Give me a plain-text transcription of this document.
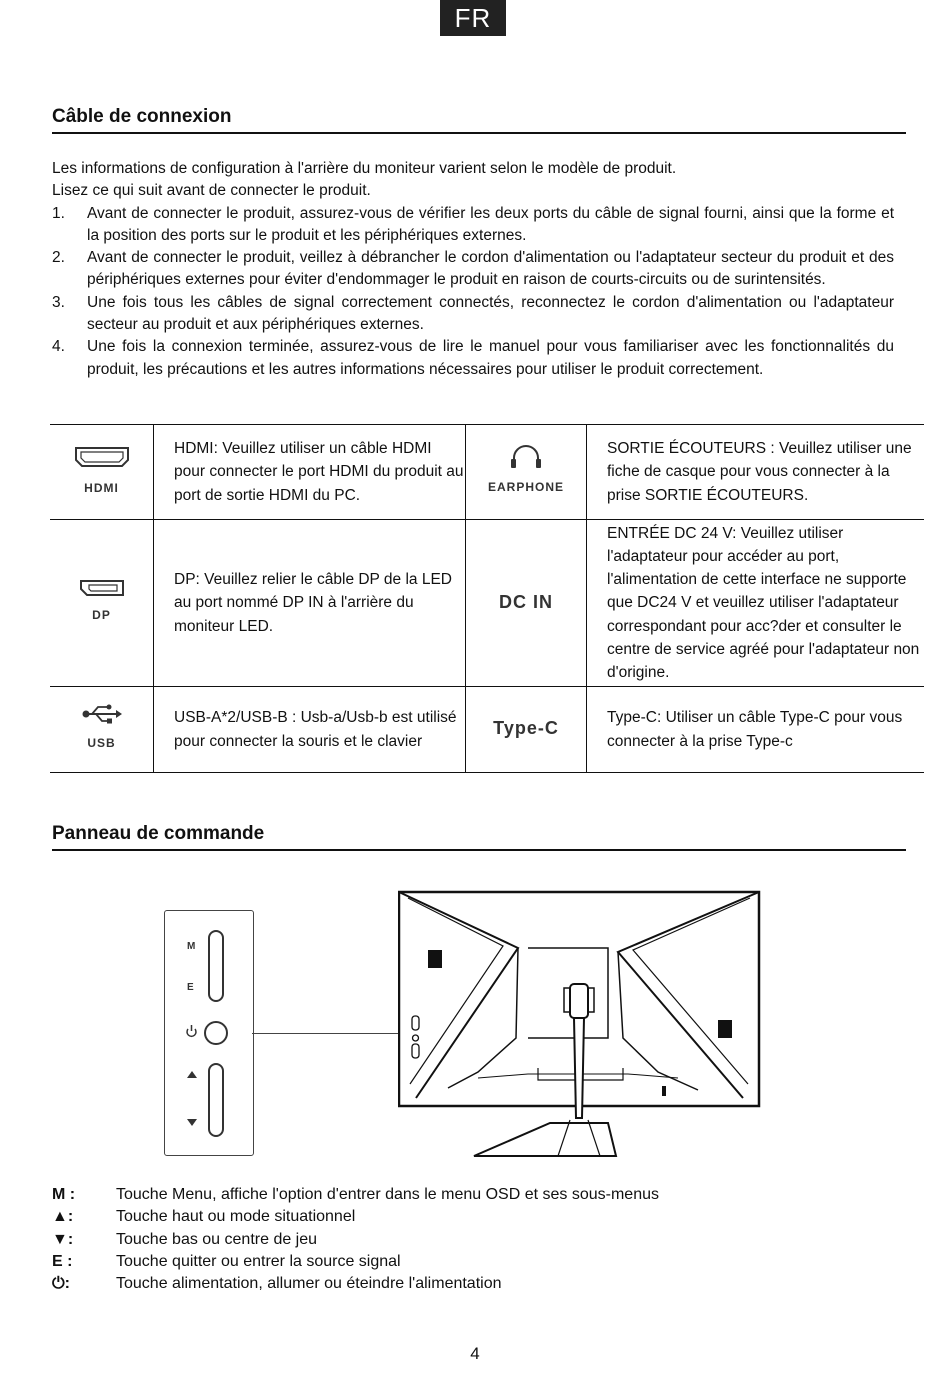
FR
Câble de connexion

Les informations de configuration à l'arrière du moniteur varient selon le modèle de produit.

Lisez ce qui suit avant de connecter le produit.

1. Avant de connecter le produit, assurez-vous de vérifier les deux ports du câble de signal fourni, ainsi que la forme et la position des ports sur le produit et les périphériques externes.
2. Avant de connecter le produit, veillez à débrancher le cordon d'alimentation ou l'adaptateur secteur du produit et des périphériques externes pour éviter d'endommager le produit en raison de courts-circuits ou de surintensités.
3. Une fois tous les câbles de signal correctement connectés, reconnectez le cordon d'alimentation ou l'adaptateur secteur au produit et aux périphériques externes.
4. Une fois la connexion terminée, assurez-vous de lire le manuel pour vous familiariser avec les fonctionnalités du produit, les précautions et les autres informations nécessaires pour utiliser le produit correctement.
HDMI	HDMI: Veuillez utiliser un câble HDMI pour connecter le port HDMI du produit au port de sortie HDMI du PC.	EARPHONE	SORTIE ÉCOUTEURS : Veuillez utiliser une fiche de casque pour vous connecter à la prise SORTIE ÉCOUTEURS.

DP	DP: Veuillez relier le câble DP de la LED au port nommé DP IN à l'arrière du moniteur LED.	DC IN	ENTRÉE DC 24 V: Veuillez utiliser l'adaptateur pour accéder au port, l'alimentation de cette interface ne supporte que DC24 V et veuillez utiliser l'adaptateur correspondant pour acc?der et consulter le centre de service agréé pour l'adaptateur non d'origine.

USB	USB-A*2/USB-B : Usb-a/Usb-b est utilisé pour connecter la souris et le clavier	Type-C	Type-C: Utiliser un câble Type-C pour vous connecter à la prise Type-c
Panneau de commande
M
E
M :	Touche Menu, affiche l'option d'entrer dans le menu OSD et ses sous-menus
▲:	Touche haut ou mode situationnel
▼:	Touche bas ou centre de jeu
E :	Touche quitter ou entrer la source signal
⏻:	Touche alimentation, allumer ou éteindre l'alimentation
4
